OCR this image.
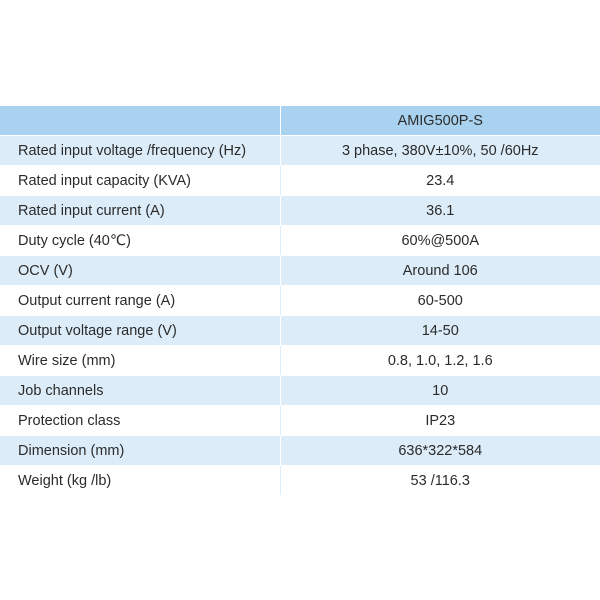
	AMIG500P-S
Rated input voltage /frequency (Hz)	3 phase, 380V±10%, 50 /60Hz
Rated input capacity (KVA)	23.4
Rated input current (A)	36.1
Duty cycle (40℃)	60%@500A
OCV (V)	Around 106
Output current range (A)	60-500
Output voltage range (V)	14-50
Wire size (mm)	0.8, 1.0, 1.2, 1.6
Job channels	10
Protection class	IP23
Dimension (mm)	636*322*584
Weight (kg /lb)	53 /116.3
